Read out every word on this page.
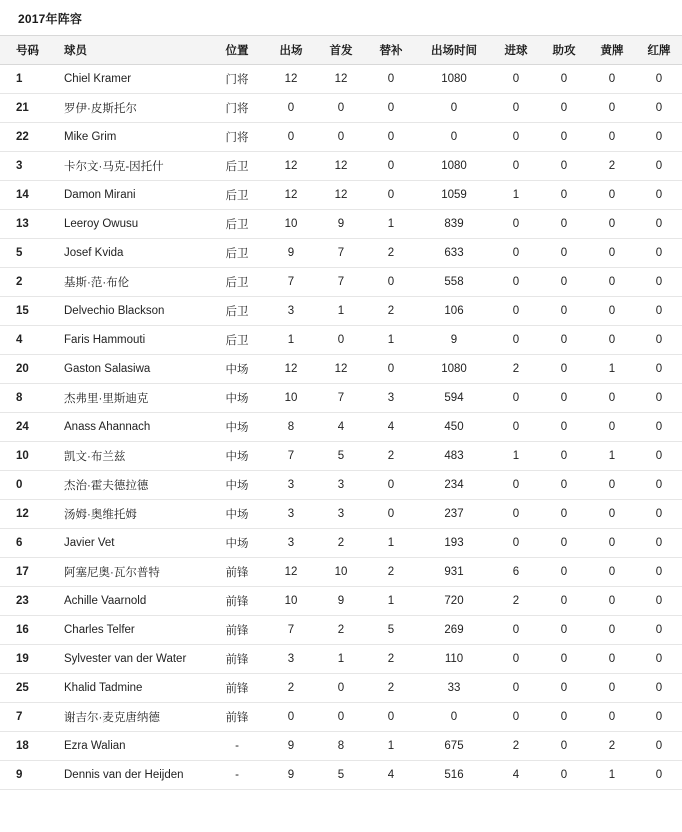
2017年阵容
号码	球员	位置	出场	首发	替补	出场时间	进球	助攻	黄牌	红牌
1	Chiel Kramer	门将	12	12	0	1080	0	0	0	0
21	罗伊·皮斯托尔	门将	0	0	0	0	0	0	0	0
22	Mike Grim	门将	0	0	0	0	0	0	0	0
3	卡尔文·马克-因托什	后卫	12	12	0	1080	0	0	2	0
14	Damon Mirani	后卫	12	12	0	1059	1	0	0	0
13	Leeroy Owusu	后卫	10	9	1	839	0	0	0	0
5	Josef Kvida	后卫	9	7	2	633	0	0	0	0
2	基斯·范·布伦	后卫	7	7	0	558	0	0	0	0
15	Delvechio Blackson	后卫	3	1	2	106	0	0	0	0
4	Faris Hammouti	后卫	1	0	1	9	0	0	0	0
20	Gaston Salasiwa	中场	12	12	0	1080	2	0	1	0
8	杰弗里·里斯迪克	中场	10	7	3	594	0	0	0	0
24	Anass Ahannach	中场	8	4	4	450	0	0	0	0
10	凯文·布兰兹	中场	7	5	2	483	1	0	1	0
0	杰治·霍夫德拉德	中场	3	3	0	234	0	0	0	0
12	汤姆·奥维托姆	中场	3	3	0	237	0	0	0	0
6	Javier Vet	中场	3	2	1	193	0	0	0	0
17	阿塞尼奥·瓦尔普特	前锋	12	10	2	931	6	0	0	0
23	Achille Vaarnold	前锋	10	9	1	720	2	0	0	0
16	Charles Telfer	前锋	7	2	5	269	0	0	0	0
19	Sylvester van der Water	前锋	3	1	2	110	0	0	0	0
25	Khalid Tadmine	前锋	2	0	2	33	0	0	0	0
7	谢吉尔·麦克唐纳德	前锋	0	0	0	0	0	0	0	0
18	Ezra Walian	-	9	8	1	675	2	0	2	0
9	Dennis van der Heijden	-	9	5	4	516	4	0	1	0
